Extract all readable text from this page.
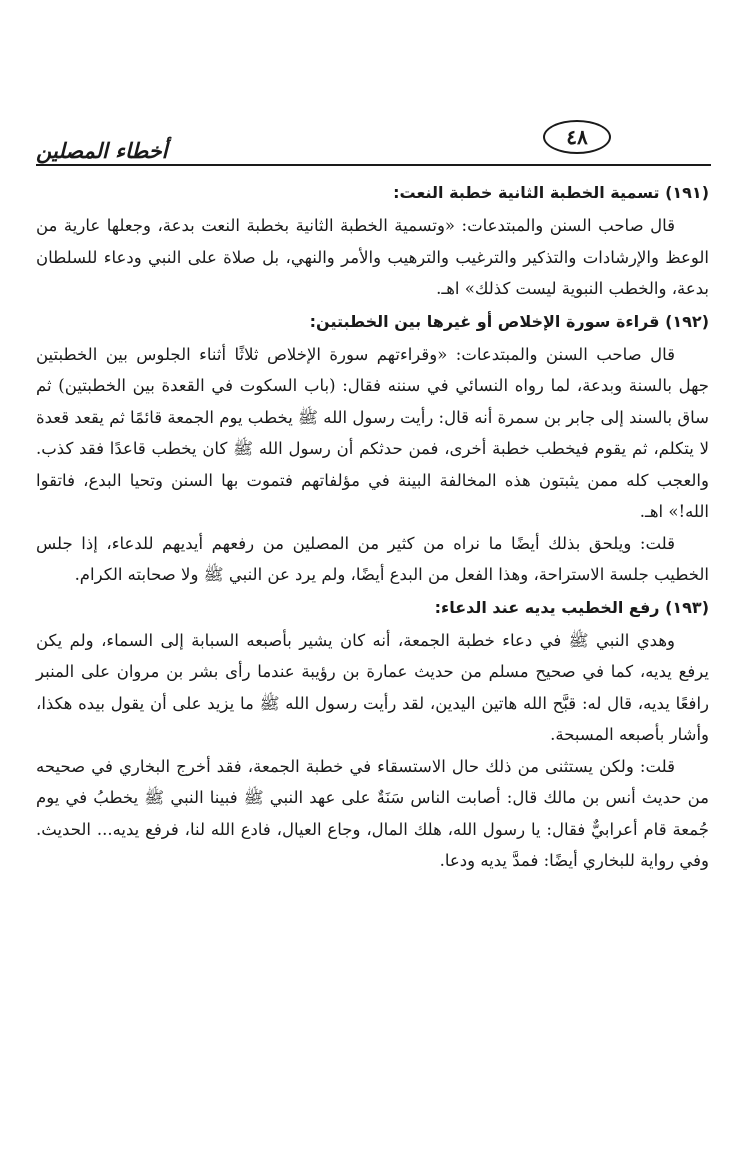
أخطاء المصلين
٤٨
(١٩١) تسمية الخطبة الثانية خطبة النعت:

قال صاحب السنن والمبتدعات: «وتسمية الخطبة الثانية بخطبة النعت بدعة، وجعلها عارية من الوعظ والإرشادات والتذكير والترغيب والترهيب والأمر والنهي، بل صلاة على النبي ودعاء للسلطان بدعة، والخطب النبوية ليست كذلك» اهـ.

(١٩٢) قراءة سورة الإخلاص أو غيرها بين الخطبتين:

قال صاحب السنن والمبتدعات: «وقراءتهم سورة الإخلاص ثلاثًا أثناء الجلوس بين الخطبتين جهل بالسنة وبدعة، لما رواه النسائي في سننه فقال: (باب السكوت في القعدة بين الخطبتين) ثم ساق بالسند إلى جابر بن سمرة أنه قال: رأيت رسول الله ﷺ يخطب يوم الجمعة قائمًا ثم يقعد قعدة لا يتكلم، ثم يقوم فيخطب خطبة أخرى، فمن حدثكم أن رسول الله ﷺ كان يخطب قاعدًا فقد كذب. والعجب كله ممن يثبتون هذه المخالفة البينة في مؤلفاتهم فتموت بها السنن وتحيا البدع، فاتقوا الله!» اهـ.

قلت: ويلحق بذلك أيضًا ما نراه من كثير من المصلين من رفعهم أيديهم للدعاء، إذا جلس الخطيب جلسة الاستراحة، وهذا الفعل من البدع أيضًا، ولم يرد عن النبي ﷺ ولا صحابته الكرام.

(١٩٣) رفع الخطيب يديه عند الدعاء:

وهدي النبي ﷺ في دعاء خطبة الجمعة، أنه كان يشير بأصبعه السبابة إلى السماء، ولم يكن يرفع يديه، كما في صحيح مسلم من حديث عمارة بن رؤيبة عندما رأى بشر بن مروان على المنبر رافعًا يديه، قال له: قبَّح الله هاتين اليدين، لقد رأيت رسول الله ﷺ ما يزيد على أن يقول بيده هكذا، وأشار بأصبعه المسبحة.

قلت: ولكن يستثنى من ذلك حال الاستسقاء في خطبة الجمعة، فقد أخرج البخاري في صحيحه من حديث أنس بن مالك قال: أصابت الناس سَنَةٌ على عهد النبي ﷺ فبينا النبي ﷺ يخطبُ في يوم جُمعة قام أعرابيٌّ فقال: يا رسول الله، هلك المال، وجاع العيال، فادع الله لنا، فرفع يديه... الحديث. وفي رواية للبخاري أيضًا: فمدَّ يديه ودعا.
